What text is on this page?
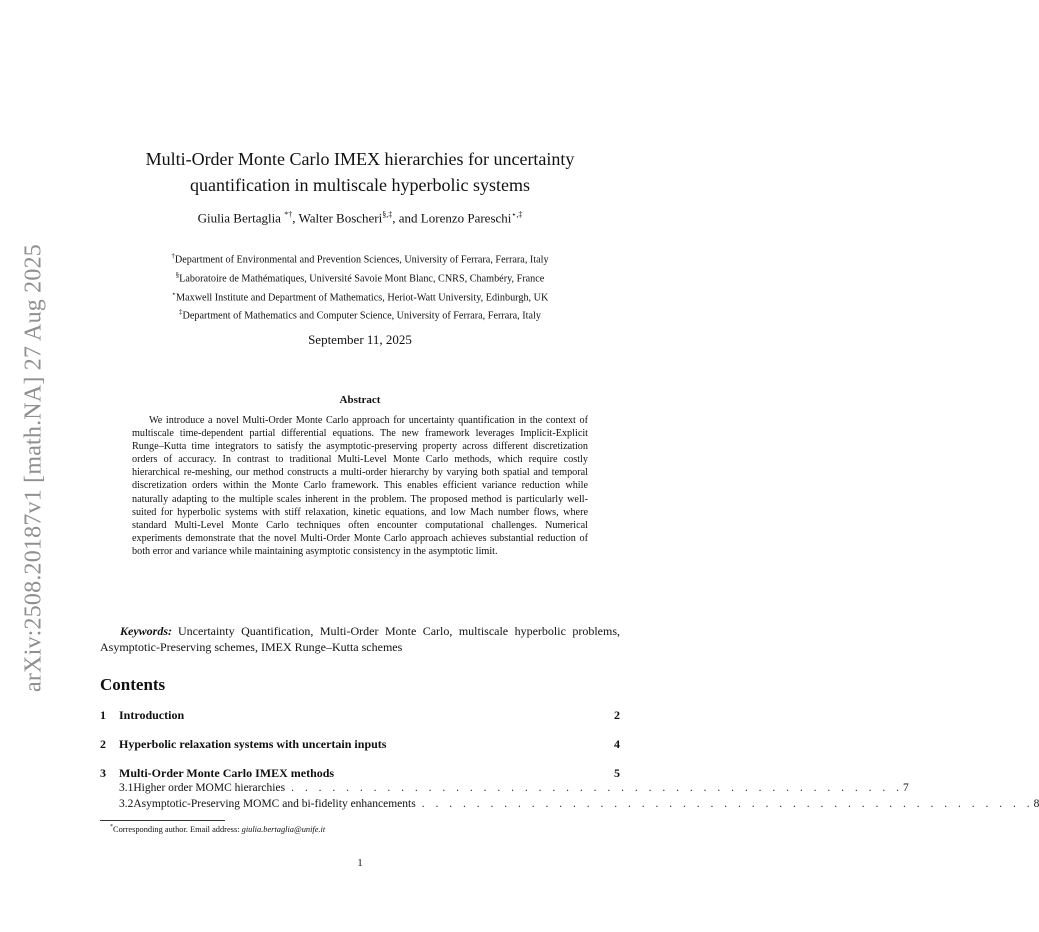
arXiv:2508.20187v1 [math.NA] 27 Aug 2025
Multi-Order Monte Carlo IMEX hierarchies for uncertainty
quantification in multiscale hyperbolic systems
Giulia Bertaglia *†, Walter Boscheri§,‡, and Lorenzo Pareschi⋆,‡
†Department of Environmental and Prevention Sciences, University of Ferrara, Ferrara, Italy
§Laboratoire de Mathématiques, Université Savoie Mont Blanc, CNRS, Chambéry, France
⋆Maxwell Institute and Department of Mathematics, Heriot-Watt University, Edinburgh, UK
‡Department of Mathematics and Computer Science, University of Ferrara, Ferrara, Italy
September 11, 2025
Abstract

We introduce a novel Multi-Order Monte Carlo approach for uncertainty quantification in the context of multiscale time-dependent partial differential equations. The new framework leverages Implicit-Explicit Runge–Kutta time integrators to satisfy the asymptotic-preserving property across different discretization orders of accuracy. In contrast to traditional Multi-Level Monte Carlo methods, which require costly hierarchical re-meshing, our method constructs a multi-order hierarchy by varying both spatial and temporal discretization orders within the Monte Carlo framework. This enables efficient variance reduction while naturally adapting to the multiple scales inherent in the problem. The proposed method is particularly well-suited for hyperbolic systems with stiff relaxation, kinetic equations, and low Mach number flows, where standard Multi-Level Monte Carlo techniques often encounter computational challenges. Numerical experiments demonstrate that the novel Multi-Order Monte Carlo approach achieves substantial reduction of both error and variance while maintaining asymptotic consistency in the asymptotic limit.

Keywords: Uncertainty Quantification, Multi-Order Monte Carlo, multiscale hyperbolic problems, Asymptotic-Preserving schemes, IMEX Runge–Kutta schemes

Contents
1	Introduction	2
2	Hyperbolic relaxation systems with uncertain inputs	4
3	Multi-Order Monte Carlo IMEX methods	5
3.1 Higher order MOMC hierarchies . . . . . . . . . . . . . . . . . . . . . . . . . . . . . . . . . . . . . . . . . . . . . 7
3.2 Asymptotic-Preserving MOMC and bi-fidelity enhancements . . . . . . . . . . . . . . . . . . . . . . . . . . . . . . . . . . . . . . . . . . . . . 8
*Corresponding author. Email address: giulia.bertaglia@unife.it
1
